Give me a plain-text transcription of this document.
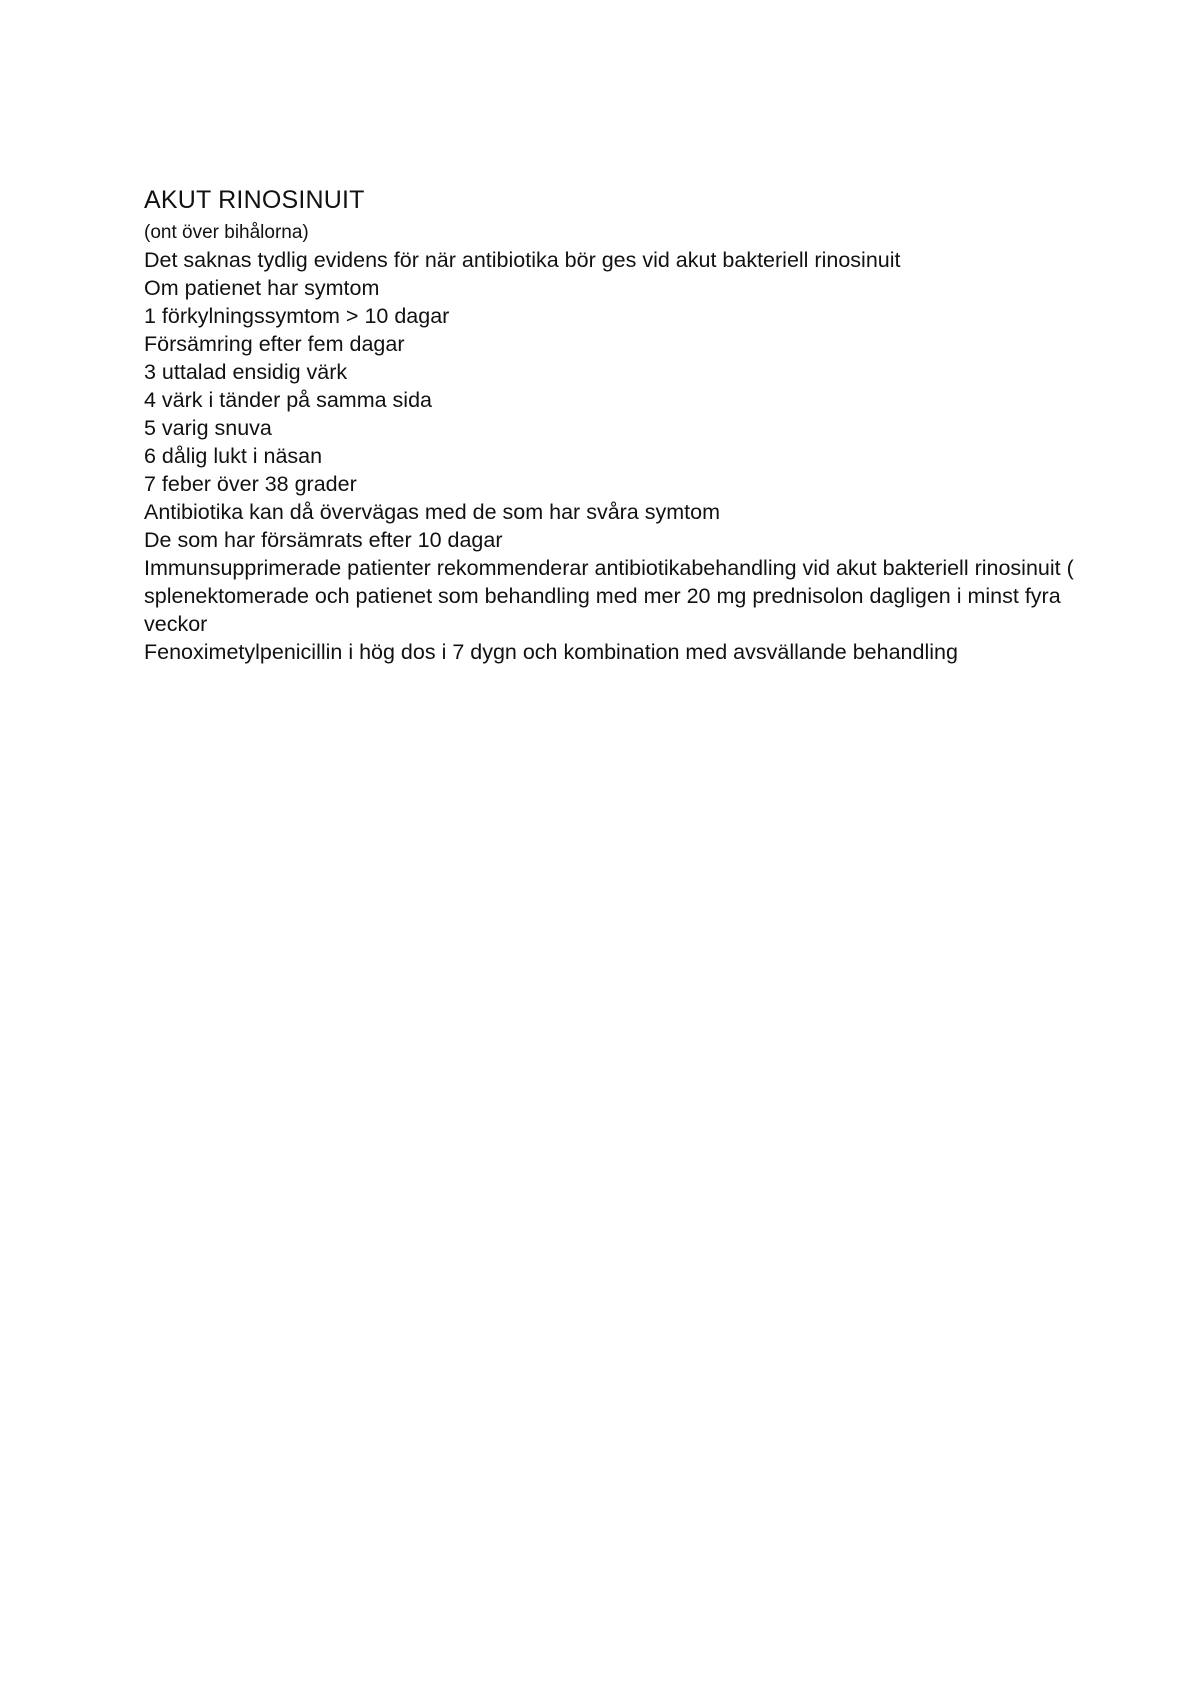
AKUT RINOSINUIT

(ont över bihålorna)

Det saknas tydlig evidens för när antibiotika bör ges vid akut bakteriell rinosinuit

Om patienet har symtom

1 förkylningssymtom > 10 dagar

Försämring efter fem dagar

3 uttalad ensidig värk

4 värk i tänder på samma sida

5 varig snuva

6 dålig lukt i näsan

7 feber över 38 grader

Antibiotika kan då övervägas med de som har svåra symtom

De som har försämrats efter 10 dagar

Immunsupprimerade patienter rekommenderar antibiotikabehandling vid akut bakteriell rinosinuit ( splenektomerade och patienet som behandling med mer 20 mg prednisolon dagligen i minst fyra veckor

Fenoximetylpenicillin i hög dos i 7 dygn och kombination med avsvällande behandling
